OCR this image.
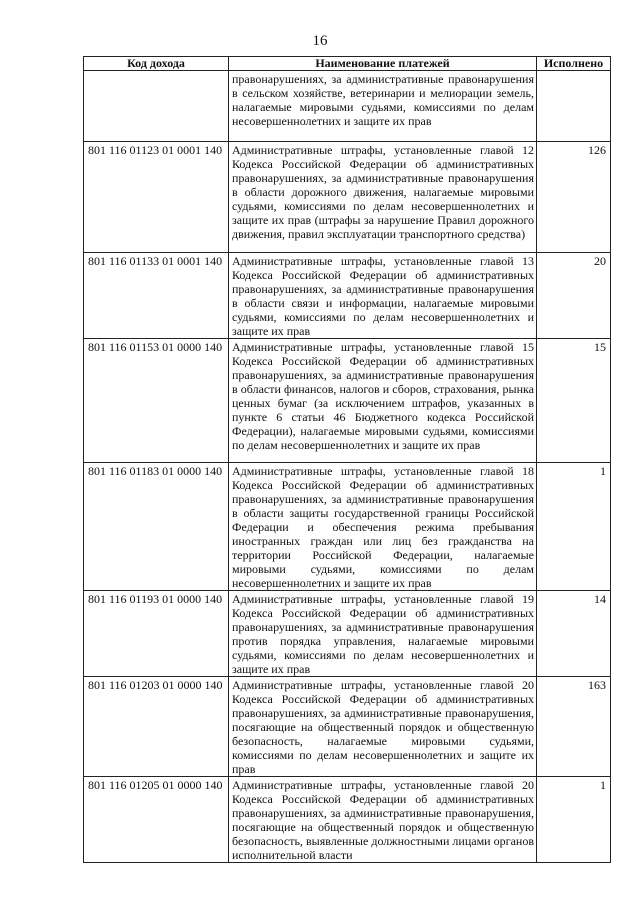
16
Код дохода	Наименование платежей	Исполнено
	правонарушениях, за административные правонарушения в сельском хозяйстве, ветеринарии и мелиорации земель, налагаемые мировыми судьями, комиссиями по делам несовершеннолетних и защите их прав	
801 116 01123 01 0001 140	Административные штрафы, установленные главой 12 Кодекса Российской Федерации об административных правонарушениях, за административные правонарушения в области дорожного движения, налагаемые мировыми судьями, комиссиями по делам несовершеннолетних и защите их прав (штрафы за нарушение Правил дорожного движения, правил эксплуатации транспортного средства)	126
801 116 01133 01 0001 140	Административные штрафы, установленные главой 13 Кодекса Российской Федерации об административных правонарушениях, за административные правонарушения в области связи и информации, налагаемые мировыми судьями, комиссиями по делам несовершеннолетних и защите их прав	20
801 116 01153 01 0000 140	Административные штрафы, установленные главой 15 Кодекса Российской Федерации об административных правонарушениях, за административные правонарушения в области финансов, налогов и сборов, страхования, рынка ценных бумаг (за исключением штрафов, указанных в пункте 6 статьи 46 Бюджетного кодекса Российской Федерации), налагаемые мировыми судьями, комиссиями по делам несовершеннолетних и защите их прав	15
801 116 01183 01 0000 140	Административные штрафы, установленные главой 18 Кодекса Российской Федерации об административных правонарушениях, за административные правонарушения в области защиты государственной границы Российской Федерации и обеспечения режима пребывания иностранных граждан или лиц без гражданства на территории Российской Федерации, налагаемые мировыми судьями, комиссиями по делам несовершеннолетних и защите их прав	1
801 116 01193 01 0000 140	Административные штрафы, установленные главой 19 Кодекса Российской Федерации об административных правонарушениях, за административные правонарушения против порядка управления, налагаемые мировыми судьями, комиссиями по делам несовершеннолетних и защите их прав	14
801 116 01203 01 0000 140	Административные штрафы, установленные главой 20 Кодекса Российской Федерации об административных правонарушениях, за административные правонарушения, посягающие на общественный порядок и общественную безопасность, налагаемые мировыми судьями, комиссиями по делам несовершеннолетних и защите их прав	163
801 116 01205 01 0000 140	Административные штрафы, установленные главой 20 Кодекса Российской Федерации об административных правонарушениях, за административные правонарушения, посягающие на общественный порядок и общественную безопасность, выявленные должностными лицами органов исполнительной власти	1
